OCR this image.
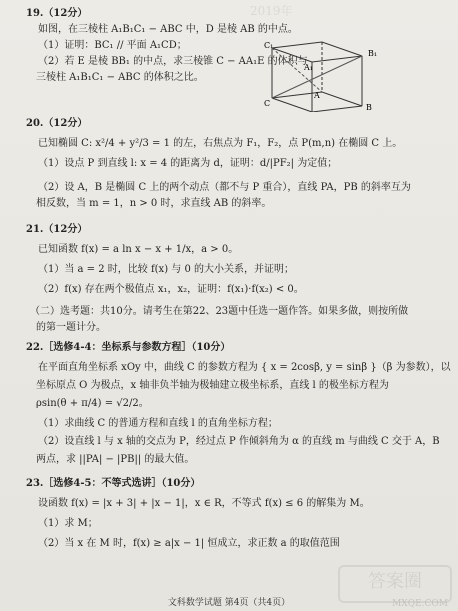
2019年
19.（12分）
如图，在三棱柱 A₁B₁C₁ − ABC 中，D 是棱 AB 的中点。
（1）证明：BC₁ // 平面 A₁CD；
（2）若 E 是棱 BB₁ 的中点，求三棱锥 C − AA₁E 的体积与
三棱柱 A₁B₁C₁ − ABC 的体积之比。
C₁
B₁
A₁
A
C	B
20.（12分）
已知椭圆 C: x²/4 + y²/3 = 1 的左，右焦点为 F₁，F₂，点 P(m,n) 在椭圆 C 上。
（1）设点 P 到直线 l: x = 4 的距离为 d，证明：d/|PF₂| 为定值；
（2）设 A，B 是椭圆 C 上的两个动点（都不与 P 重合），直线 PA，PB 的斜率互为
相反数，当 m = 1，n > 0 时，求直线 AB 的斜率。
21.（12分）
已知函数 f(x) = a ln x − x + 1/x，a > 0。
（1）当 a = 2 时，比较 f(x) 与 0 的大小关系，并证明；
（2）f(x) 存在两个极值点 x₁，x₂，证明：f(x₁)·f(x₂) < 0。
（二）选考题：共10分。请考生在第22、23题中任选一题作答。如果多做，则按所做
的第一题计分。
22.［选修4-4：坐标系与参数方程］（10分）
在平面直角坐标系 xOy 中，曲线 C 的参数方程为 { x = 2cosβ, y = sinβ }（β 为参数），以
坐标原点 O 为极点，x 轴非负半轴为极轴建立极坐标系，直线 l 的极坐标方程为
ρsin(θ + π/4) = √2/2。
（1）求曲线 C 的普通方程和直线 l 的直角坐标方程；
（2）设直线 l 与 x 轴的交点为 P，经过点 P 作倾斜角为 α 的直线 m 与曲线 C 交于 A，B
两点，求 ||PA| − |PB|| 的最大值。
23.［选修4-5：不等式选讲］（10分）
设函数 f(x) = |x + 3| + |x − 1|，x ∈ R，不等式 f(x) ≤ 6 的解集为 M。
（1）求 M；
（2）当 x 在 M 时，f(x) ≥ a|x − 1| 恒成立，求正数 a 的取值范围
文科数学试题 第4页（共4页）
答案圈
MXQE.COM
